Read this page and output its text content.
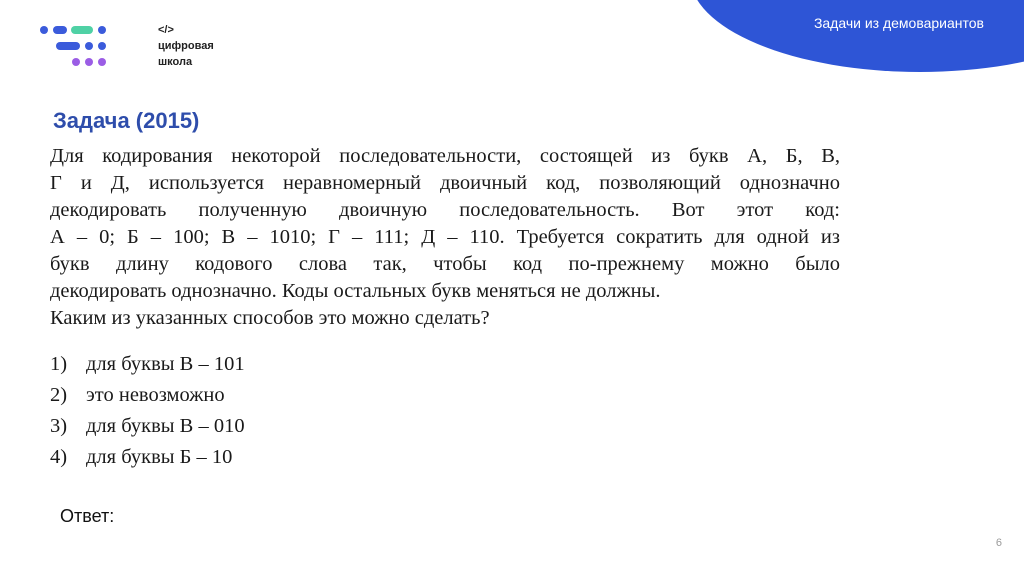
Задачи из демовариантов
</>
цифровая
школа
Задача (2015)

Для кодирования некоторой последовательности, состоящей из букв А, Б, В,

Г и Д, используется неравномерный двоичный код, позволяющий однозначно

декодировать полученную двоичную последовательность. Вот этот код:

А – 0; Б – 100; В – 1010; Г – 111; Д – 110. Требуется сократить для одной из

букв длину кодового слова так, чтобы код по-прежнему можно было

декодировать однозначно. Коды остальных букв меняться не должны.

Каким из указанных способов это можно сделать?

1) для буквы В – 101
2) это невозможно
3) для буквы В – 010
4) для буквы Б – 10
Ответ:
6
